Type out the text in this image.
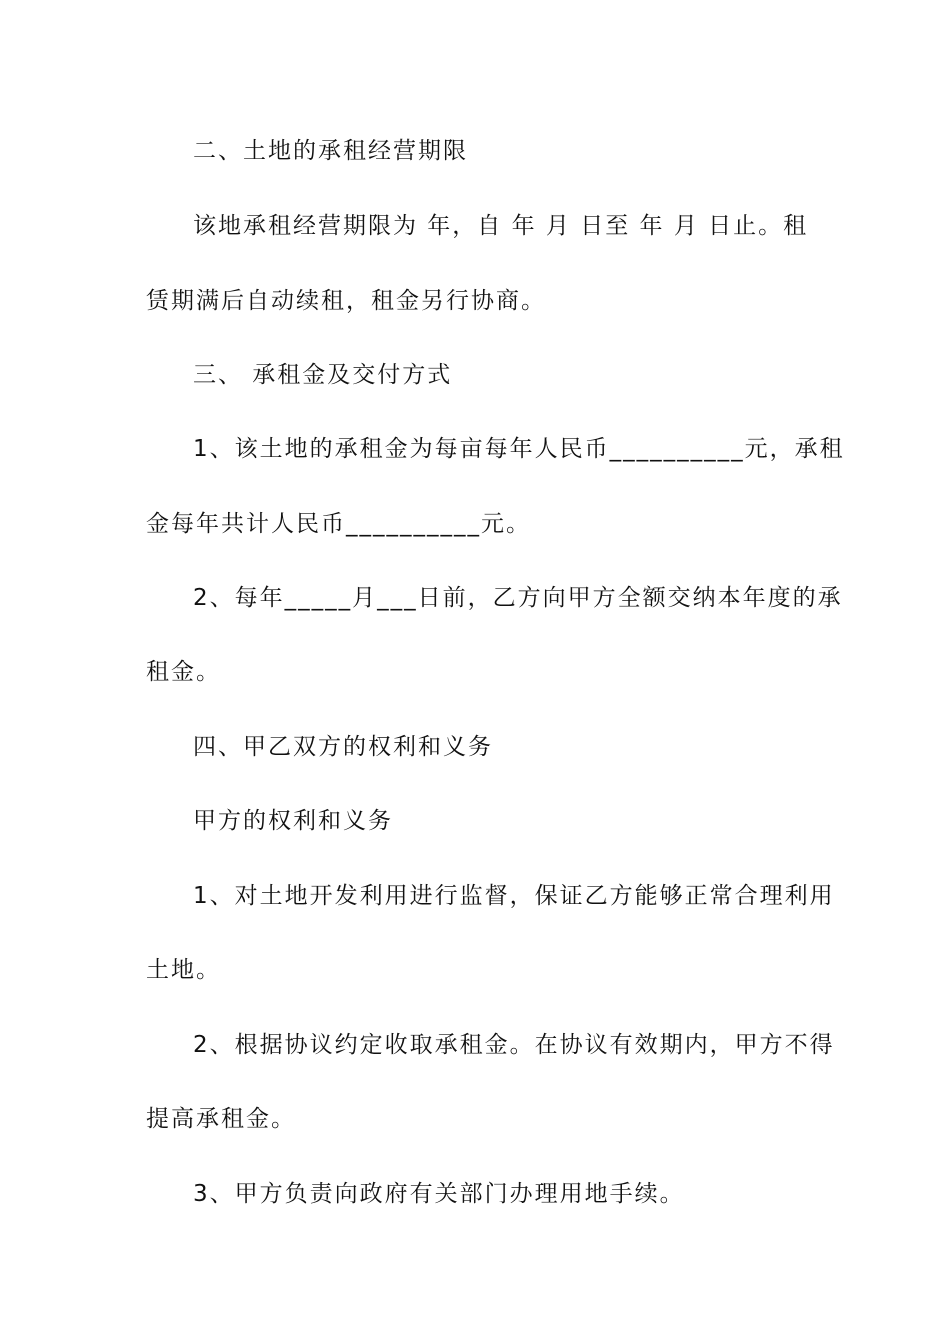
二、土地的承租经营期限
该地承租经营期限为 年，自 年 月 日至 年 月 日止。租
赁期满后自动续租，租金另行协商。
三、 承租金及交付方式
1、该土地的承租金为每亩每年人民币__________元，承租
金每年共计人民币__________元。
2、每年_____月___日前，乙方向甲方全额交纳本年度的承
租金。
四、甲乙双方的权利和义务
甲方的权利和义务
1、对土地开发利用进行监督，保证乙方能够正常合理利用
土地。
2、根据协议约定收取承租金。在协议有效期内，甲方不得
提高承租金。
3、甲方负责向政府有关部门办理用地手续。
